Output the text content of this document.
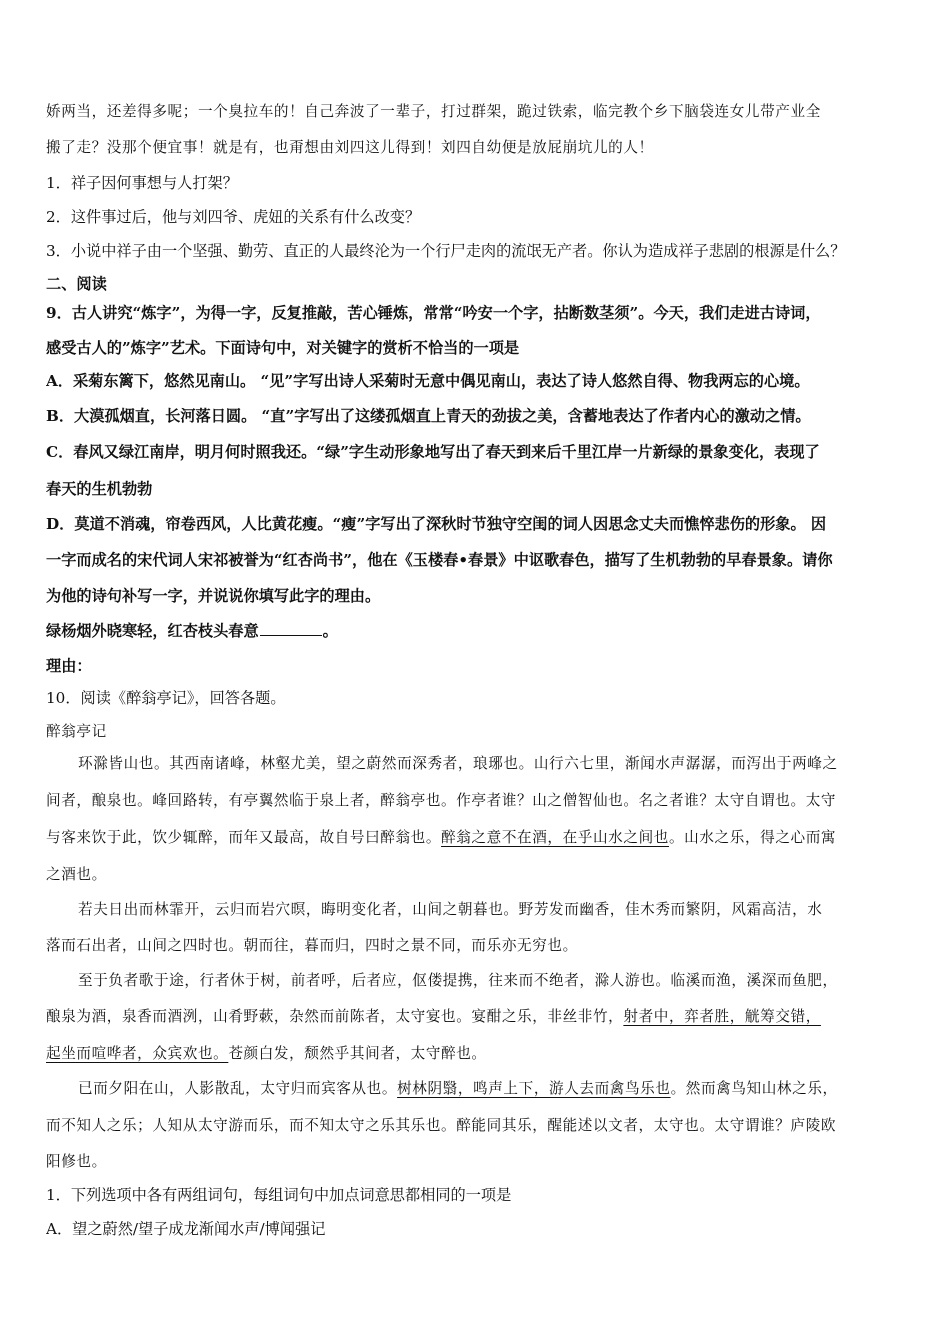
娇两当，还差得多呢；一个臭拉车的！自己奔波了一辈子，打过群架，跪过铁索，临完教个乡下脑袋连女儿带产业全
搬了走？没那个便宜事！就是有，也甭想由刘四这儿得到！刘四自幼便是放屁崩坑儿的人！
1．祥子因何事想与人打架？
2．这件事过后，他与刘四爷、虎妞的关系有什么改变？
3．小说中祥子由一个坚强、勤劳、直正的人最终沦为一个行尸走肉的流氓无产者。你认为造成祥子悲剧的根源是什么？
二、阅读
9．古人讲究“炼字”，为得一字，反复推敲，苦心锤炼，常常“吟安一个字，拈断数茎须”。今天，我们走进古诗词，
感受古人的”炼字”艺术。下面诗句中，对关键字的赏析不恰当的一项是
A．采菊东篱下，悠然见南山。 “见”字写出诗人采菊时无意中偶见南山，表达了诗人悠然自得、物我两忘的心境。
B．大漠孤烟直，长河落日圆。 “直”字写出了这缕孤烟直上青天的劲拔之美，含蓄地表达了作者内心的激动之情。
C．春风又绿江南岸，明月何时照我还。“绿”字生动形象地写出了春天到来后千里江岸一片新绿的景象变化，表现了
春天的生机勃勃
D．莫道不消魂，帘卷西风，人比黄花瘦。“瘦”字写出了深秋时节独守空闺的词人因思念丈夫而憔悴悲伤的形象。 因
一字而成名的宋代词人宋祁被誉为“红杏尚书”，他在《玉楼春•春景》中讴歌春色，描写了生机勃勃的早春景象。请你
为他的诗句补写一字，并说说你填写此字的理由。
绿杨烟外晓寒轻，红杏枝头春意	。
理由：
10．阅读《醉翁亭记》，回答各题。
醉翁亭记
环滁皆山也。其西南诸峰，林壑尤美，望之蔚然而深秀者，琅琊也。山行六七里，渐闻水声潺潺，而泻出于两峰之
间者，酿泉也。峰回路转，有亭翼然临于泉上者，醉翁亭也。作亭者谁？山之僧智仙也。名之者谁？太守自谓也。太守
与客来饮于此，饮少辄醉，而年又最高，故自号曰醉翁也。醉翁之意不在酒，在乎山水之间也。山水之乐，得之心而寓
之酒也。
若夫日出而林霏开，云归而岩穴暝，晦明变化者，山间之朝暮也。野芳发而幽香，佳木秀而繁阴，风霜高洁，水
落而石出者，山间之四时也。朝而往，暮而归，四时之景不同，而乐亦无穷也。
至于负者歌于途，行者休于树，前者呼，后者应，伛偻提携，往来而不绝者，滁人游也。临溪而渔，溪深而鱼肥，
酿泉为酒，泉香而酒洌，山肴野蔌，杂然而前陈者，太守宴也。宴酣之乐，非丝非竹，射者中，弈者胜，觥筹交错，
起坐而喧哗者，众宾欢也。苍颜白发，颓然乎其间者，太守醉也。
已而夕阳在山，人影散乱，太守归而宾客从也。树林阴翳，鸣声上下，游人去而禽鸟乐也。然而禽鸟知山林之乐，
而不知人之乐；人知从太守游而乐，而不知太守之乐其乐也。醉能同其乐，醒能述以文者，太守也。太守谓谁？庐陵欧
阳修也。
1．下列选项中各有两组词句，每组词句中加点词意思都相同的一项是
A．望之蔚然/望子成龙渐闻水声/博闻强记
